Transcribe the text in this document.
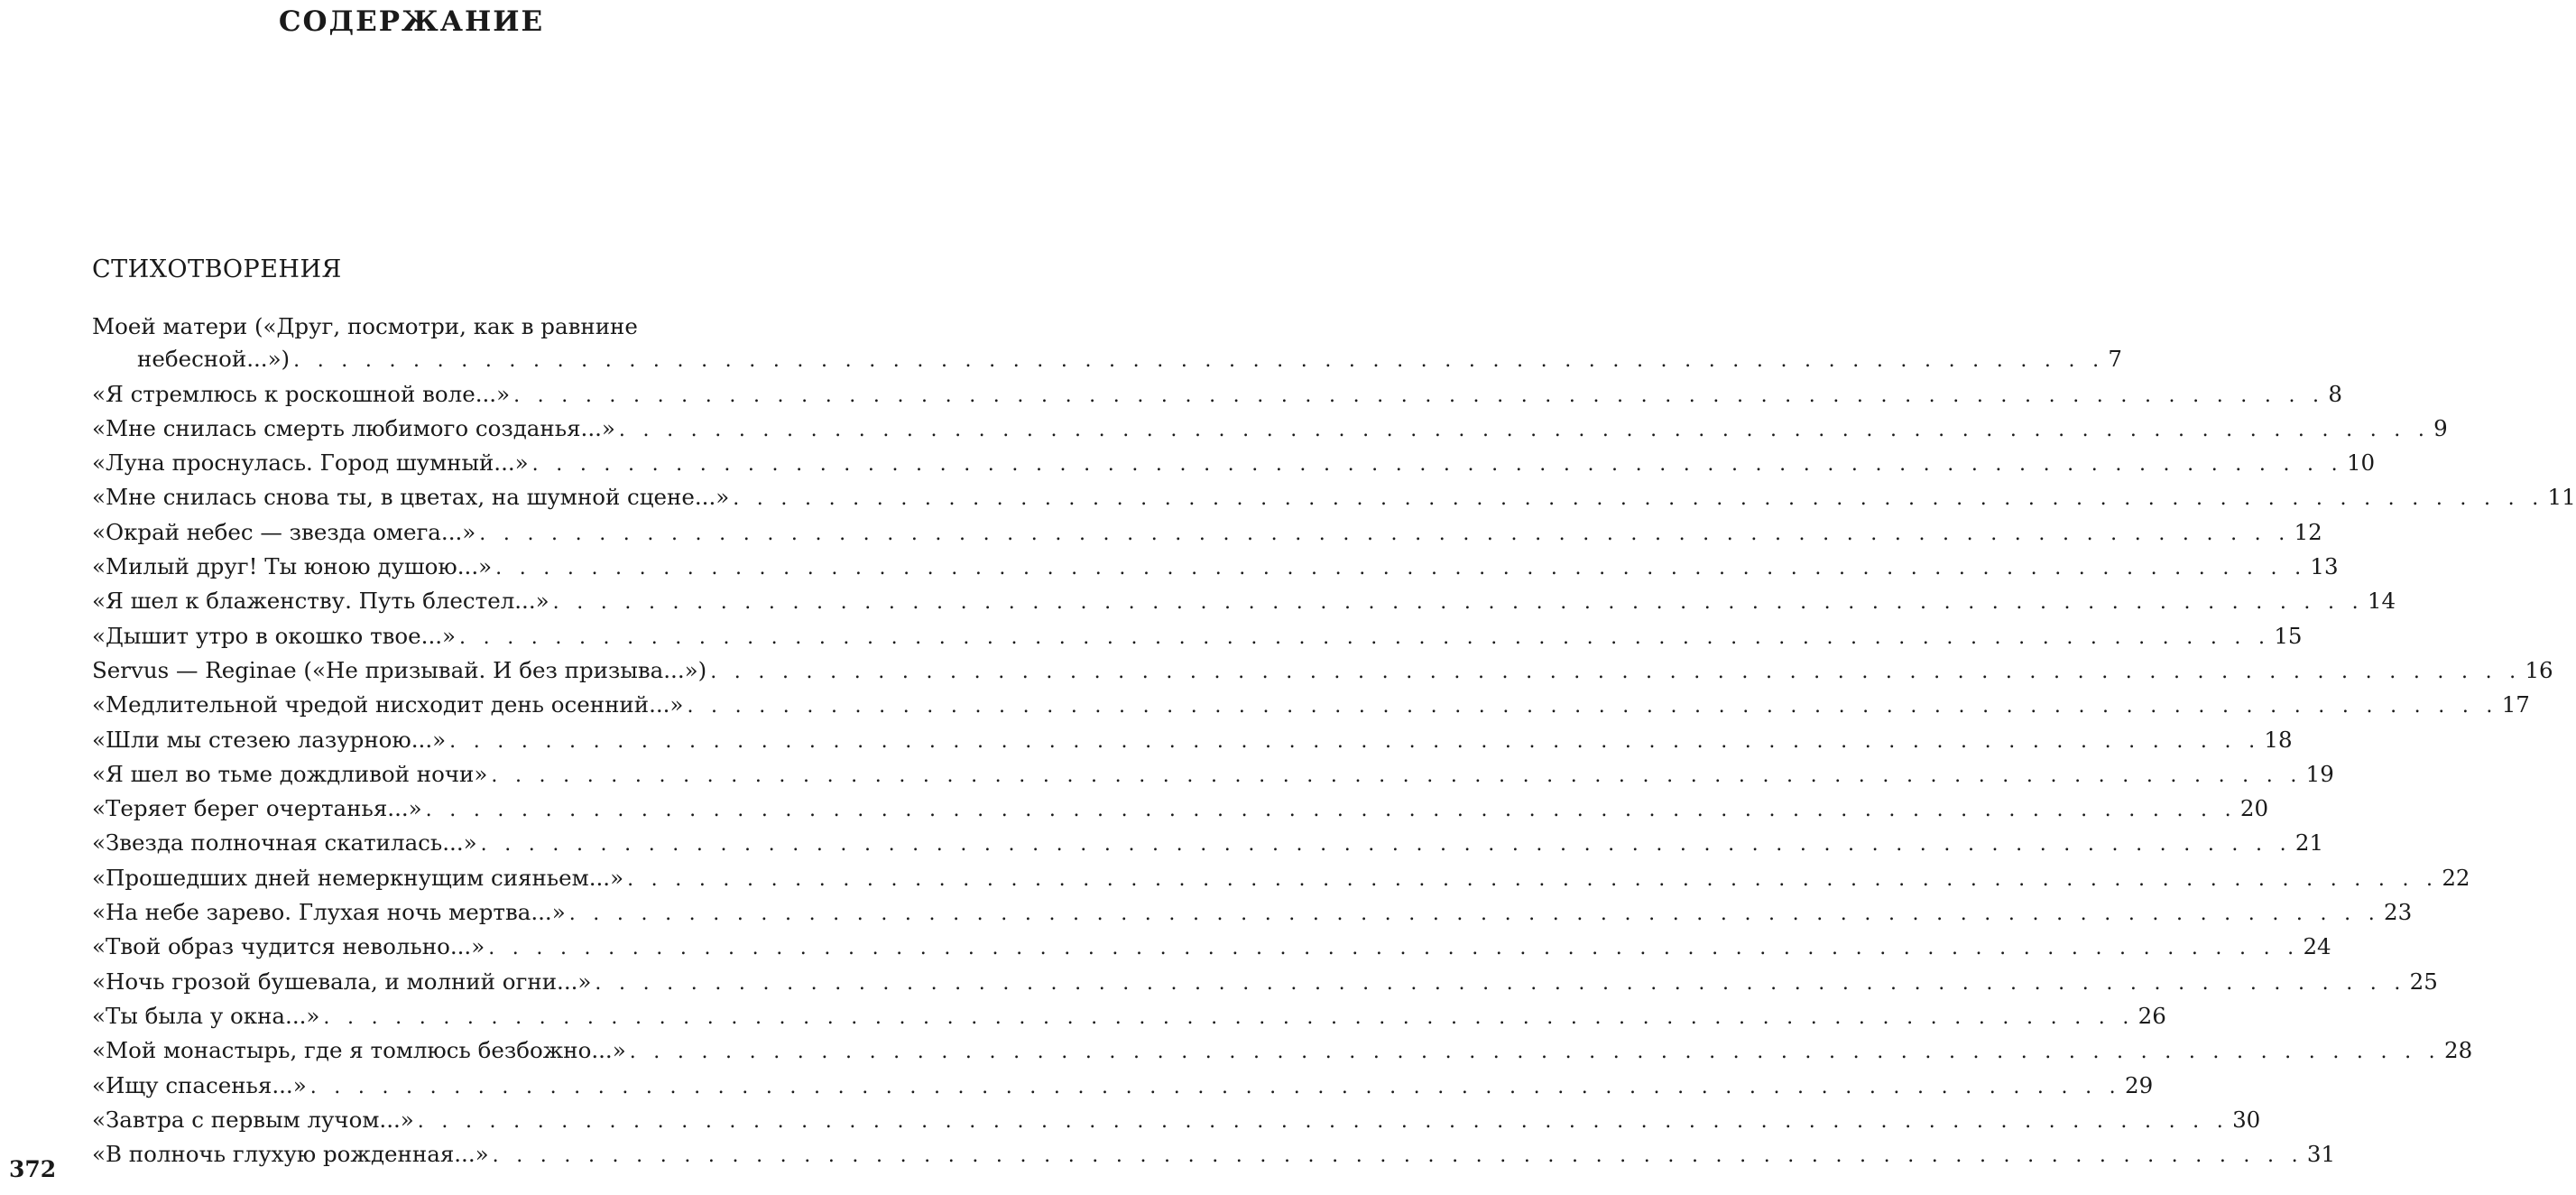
СОДЕРЖАНИЕ
СТИХОТВОРЕНИЯ
Моей матери («Друг, посмотри, как в равнине
небесной...») . . . . . . . . . . . . . . . . . . . . . . . . . . . . . . . . . . . . . . . . . . . . . . . . . . . . . . . . . . . . . . . . . . . . . . . . . . . . 7
«Я стремлюсь к роскошной воле...» . . . . . . . . . . . . . . . . . . . . . . . . . . . . . . . . . . . . . . . . . . . . . . . . . . . . . . . . . . . . . . . . . . . . . . . . . . . . 8
«Мне снилась смерть любимого созданья...» . . . . . . . . . . . . . . . . . . . . . . . . . . . . . . . . . . . . . . . . . . . . . . . . . . . . . . . . . . . . . . . . . . . . . . . . . . . . 9
«Луна проснулась. Город шумный...» . . . . . . . . . . . . . . . . . . . . . . . . . . . . . . . . . . . . . . . . . . . . . . . . . . . . . . . . . . . . . . . . . . . . . . . . . . . . 10
«Мне снилась снова ты, в цветах, на шумной сцене...» . . . . . . . . . . . . . . . . . . . . . . . . . . . . . . . . . . . . . . . . . . . . . . . . . . . . . . . . . . . . . . . . . . . . . . . . . . . . 11
«Окрай небес — звезда омега...» . . . . . . . . . . . . . . . . . . . . . . . . . . . . . . . . . . . . . . . . . . . . . . . . . . . . . . . . . . . . . . . . . . . . . . . . . . . . 12
«Милый друг! Ты юною душою...» . . . . . . . . . . . . . . . . . . . . . . . . . . . . . . . . . . . . . . . . . . . . . . . . . . . . . . . . . . . . . . . . . . . . . . . . . . . . 13
«Я шел к блаженству. Путь блестел...» . . . . . . . . . . . . . . . . . . . . . . . . . . . . . . . . . . . . . . . . . . . . . . . . . . . . . . . . . . . . . . . . . . . . . . . . . . . . 14
«Дышит утро в окошко твое...» . . . . . . . . . . . . . . . . . . . . . . . . . . . . . . . . . . . . . . . . . . . . . . . . . . . . . . . . . . . . . . . . . . . . . . . . . . . . 15
Servus — Reginae («Не призывай. И без призыва...») . . . . . . . . . . . . . . . . . . . . . . . . . . . . . . . . . . . . . . . . . . . . . . . . . . . . . . . . . . . . . . . . . . . . . . . . . . . . 16
«Медлительной чредой нисходит день осенний...» . . . . . . . . . . . . . . . . . . . . . . . . . . . . . . . . . . . . . . . . . . . . . . . . . . . . . . . . . . . . . . . . . . . . . . . . . . . . 17
«Шли мы стезею лазурною...» . . . . . . . . . . . . . . . . . . . . . . . . . . . . . . . . . . . . . . . . . . . . . . . . . . . . . . . . . . . . . . . . . . . . . . . . . . . . 18
«Я шел во тьме дождливой ночи» . . . . . . . . . . . . . . . . . . . . . . . . . . . . . . . . . . . . . . . . . . . . . . . . . . . . . . . . . . . . . . . . . . . . . . . . . . . . 19
«Теряет берег очертанья...» . . . . . . . . . . . . . . . . . . . . . . . . . . . . . . . . . . . . . . . . . . . . . . . . . . . . . . . . . . . . . . . . . . . . . . . . . . . . 20
«Звезда полночная скатилась...» . . . . . . . . . . . . . . . . . . . . . . . . . . . . . . . . . . . . . . . . . . . . . . . . . . . . . . . . . . . . . . . . . . . . . . . . . . . . 21
«Прошедших дней немеркнущим сияньем...» . . . . . . . . . . . . . . . . . . . . . . . . . . . . . . . . . . . . . . . . . . . . . . . . . . . . . . . . . . . . . . . . . . . . . . . . . . . . 22
«На небе зарево. Глухая ночь мертва...» . . . . . . . . . . . . . . . . . . . . . . . . . . . . . . . . . . . . . . . . . . . . . . . . . . . . . . . . . . . . . . . . . . . . . . . . . . . . 23
«Твой образ чудится невольно...» . . . . . . . . . . . . . . . . . . . . . . . . . . . . . . . . . . . . . . . . . . . . . . . . . . . . . . . . . . . . . . . . . . . . . . . . . . . . 24
«Ночь грозой бушевала, и молний огни...» . . . . . . . . . . . . . . . . . . . . . . . . . . . . . . . . . . . . . . . . . . . . . . . . . . . . . . . . . . . . . . . . . . . . . . . . . . . . 25
«Ты была у окна...» . . . . . . . . . . . . . . . . . . . . . . . . . . . . . . . . . . . . . . . . . . . . . . . . . . . . . . . . . . . . . . . . . . . . . . . . . . . . 26
«Мой монастырь, где я томлюсь безбожно...» . . . . . . . . . . . . . . . . . . . . . . . . . . . . . . . . . . . . . . . . . . . . . . . . . . . . . . . . . . . . . . . . . . . . . . . . . . . . 28
«Ищу спасенья...» . . . . . . . . . . . . . . . . . . . . . . . . . . . . . . . . . . . . . . . . . . . . . . . . . . . . . . . . . . . . . . . . . . . . . . . . . . . . 29
«Завтра с первым лучом...» . . . . . . . . . . . . . . . . . . . . . . . . . . . . . . . . . . . . . . . . . . . . . . . . . . . . . . . . . . . . . . . . . . . . . . . . . . . . 30
«В полночь глухую рожденная...» . . . . . . . . . . . . . . . . . . . . . . . . . . . . . . . . . . . . . . . . . . . . . . . . . . . . . . . . . . . . . . . . . . . . . . . . . . . . 31
372
